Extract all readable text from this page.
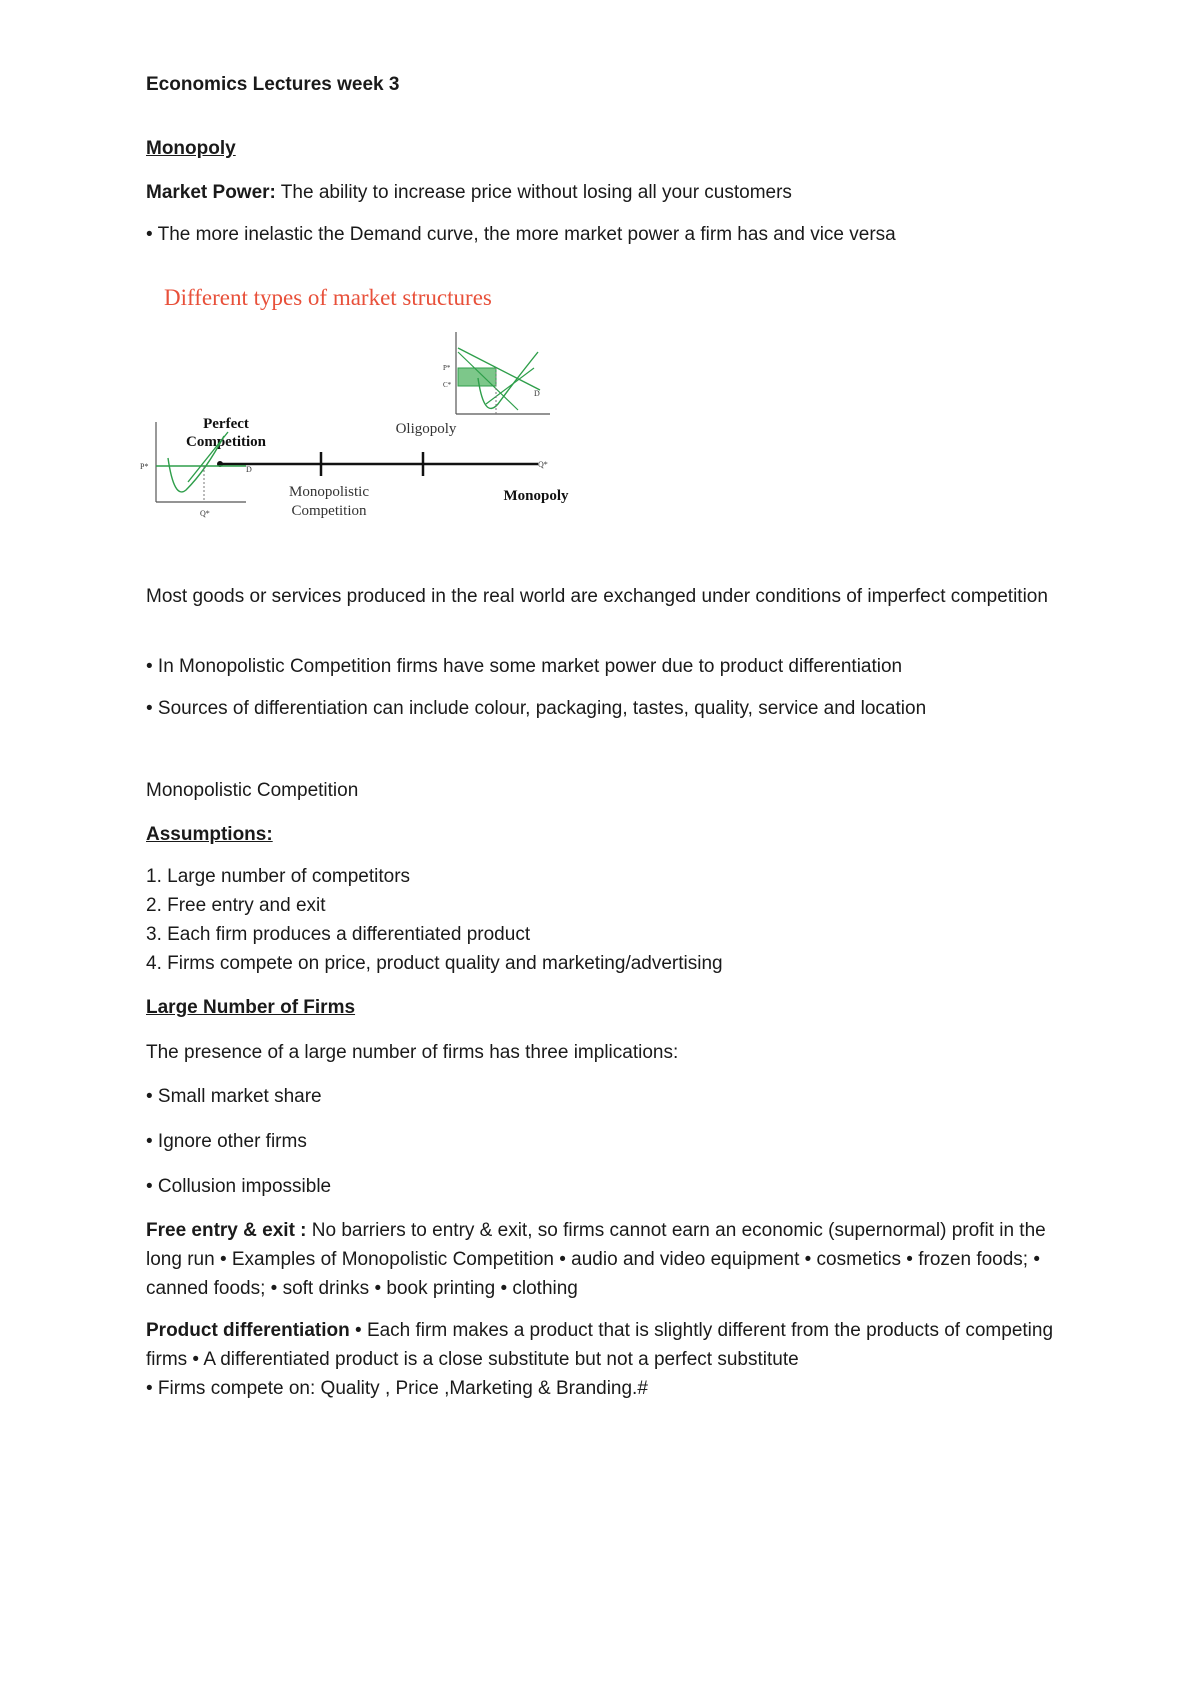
Economics Lectures week 3

Monopoly

Market Power: The ability to increase price without losing all your customers

• The more inelastic the Demand curve, the more market power a firm has and vice versa

Most goods or services produced in the real world are exchanged under conditions of imperfect competition

• In Monopolistic Competition firms have some market power due to product differentiation

• Sources of differentiation can include colour, packaging, tastes, quality, service and location

Monopolistic Competition

Assumptions:

1. Large number of competitors

2. Free entry and exit

3. Each firm produces a differentiated product

4. Firms compete on price, product quality and marketing/advertising

Large Number of Firms

The presence of a large number of firms has three implications:

• Small market share

• Ignore other firms

• Collusion impossible

Free entry & exit : No barriers to entry & exit, so firms cannot earn an economic (supernormal) profit in the long run • Examples of Monopolistic Competition • audio and video equipment • cosmetics • frozen foods; • canned foods; • soft drinks • book printing • clothing

Product differentiation • Each firm makes a product that is slightly different from the products of competing firms • A differentiated product is a close substitute but not a perfect substitute

• Firms compete on: Quality , Price ,Marketing & Branding.#

Different types of market structures
Perfect
Competition
Oligopoly
Monopolistic
Competition
Monopoly
P*	D
Q*
P*
C*
D
Q*
